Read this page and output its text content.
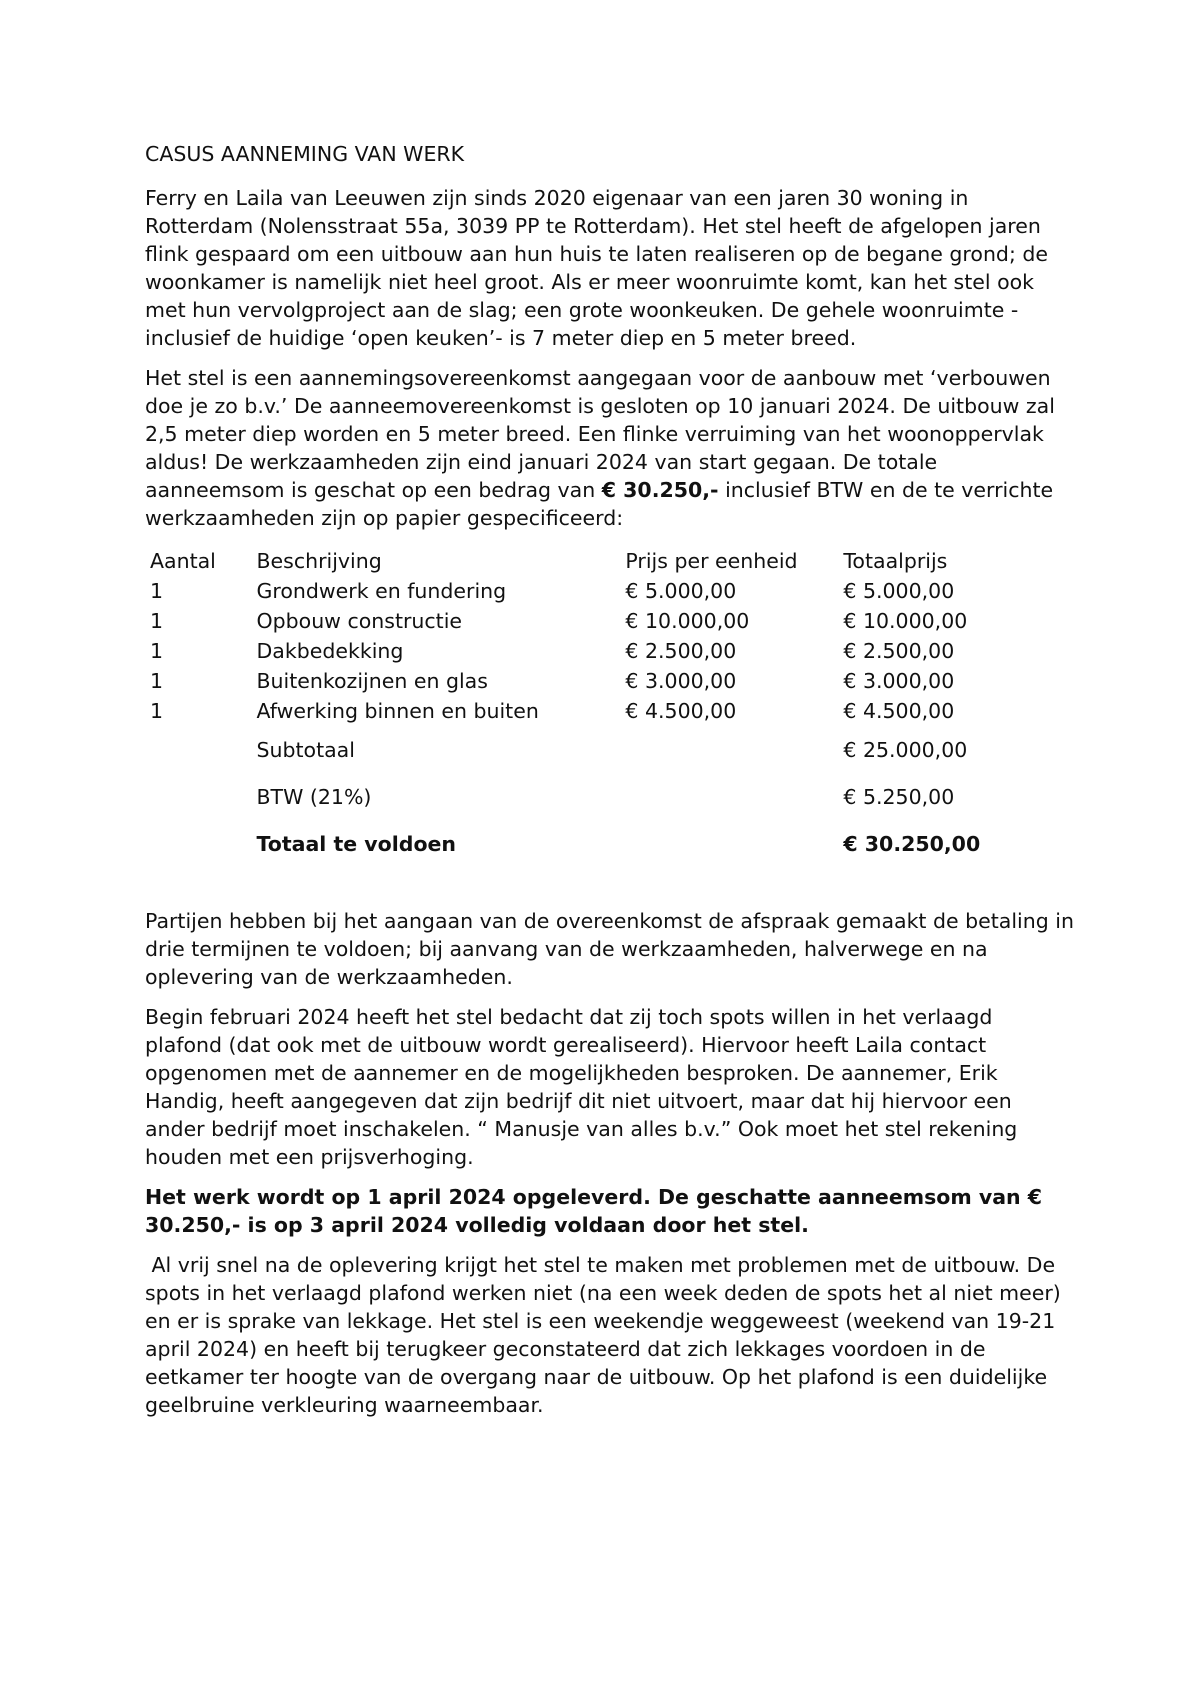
CASUS AANNEMING VAN WERK

Ferry en Laila van Leeuwen zijn sinds 2020 eigenaar van een jaren 30 woning in Rotterdam (Nolensstraat 55a, 3039 PP te Rotterdam). Het stel heeft de afgelopen jaren flink gespaard om een uitbouw aan hun huis te laten realiseren op de begane grond; de woonkamer is namelijk niet heel groot. Als er meer woonruimte komt, kan het stel ook met hun vervolgproject aan de slag; een grote woonkeuken. De gehele woonruimte -inclusief de huidige ‘open keuken’- is 7 meter diep en 5 meter breed.

Het stel is een aannemingsovereenkomst aangegaan voor de aanbouw met ‘verbouwen doe je zo b.v.’ De aanneemovereenkomst is gesloten op 10 januari 2024. De uitbouw zal 2,5 meter diep worden en 5 meter breed. Een flinke verruiming van het woonoppervlak aldus! De werkzaamheden zijn eind januari 2024 van start gegaan. De totale aanneemsom is geschat op een bedrag van € 30.250,- inclusief BTW en de te verrichte werkzaamheden zijn op papier gespecificeerd:

Aantal	Beschrijving	Prijs per eenheid	Totaalprijs
1	Grondwerk en fundering	€ 5.000,00	€ 5.000,00
1	Opbouw constructie	€ 10.000,00	€ 10.000,00
1	Dakbedekking	€ 2.500,00	€ 2.500,00
1	Buitenkozijnen en glas	€ 3.000,00	€ 3.000,00
1	Afwerking binnen en buiten	€ 4.500,00	€ 4.500,00
	Subtotaal		€ 25.000,00
	BTW (21%)		€ 5.250,00
	Totaal te voldoen		€ 30.250,00

Partijen hebben bij het aangaan van de overeenkomst de afspraak gemaakt de betaling in drie termijnen te voldoen; bij aanvang van de werkzaamheden, halverwege en na oplevering van de werkzaamheden.

Begin februari 2024 heeft het stel bedacht dat zij toch spots willen in het verlaagd plafond (dat ook met de uitbouw wordt gerealiseerd). Hiervoor heeft Laila contact opgenomen met de aannemer en de mogelijkheden besproken. De aannemer, Erik Handig, heeft aangegeven dat zijn bedrijf dit niet uitvoert, maar dat hij hiervoor een ander bedrijf moet inschakelen. “ Manusje van alles b.v.” Ook moet het stel rekening houden met een prijsverhoging.

Het werk wordt op 1 april 2024 opgeleverd. De geschatte aanneemsom van € 30.250,- is op 3 april 2024 volledig voldaan door het stel.

Al vrij snel na de oplevering krijgt het stel te maken met problemen met de uitbouw. De spots in het verlaagd plafond werken niet (na een week deden de spots het al niet meer) en er is sprake van lekkage. Het stel is een weekendje weggeweest (weekend van 19-21 april 2024) en heeft bij terugkeer geconstateerd dat zich lekkages voordoen in de eetkamer ter hoogte van de overgang naar de uitbouw. Op het plafond is een duidelijke geelbruine verkleuring waarneembaar.
